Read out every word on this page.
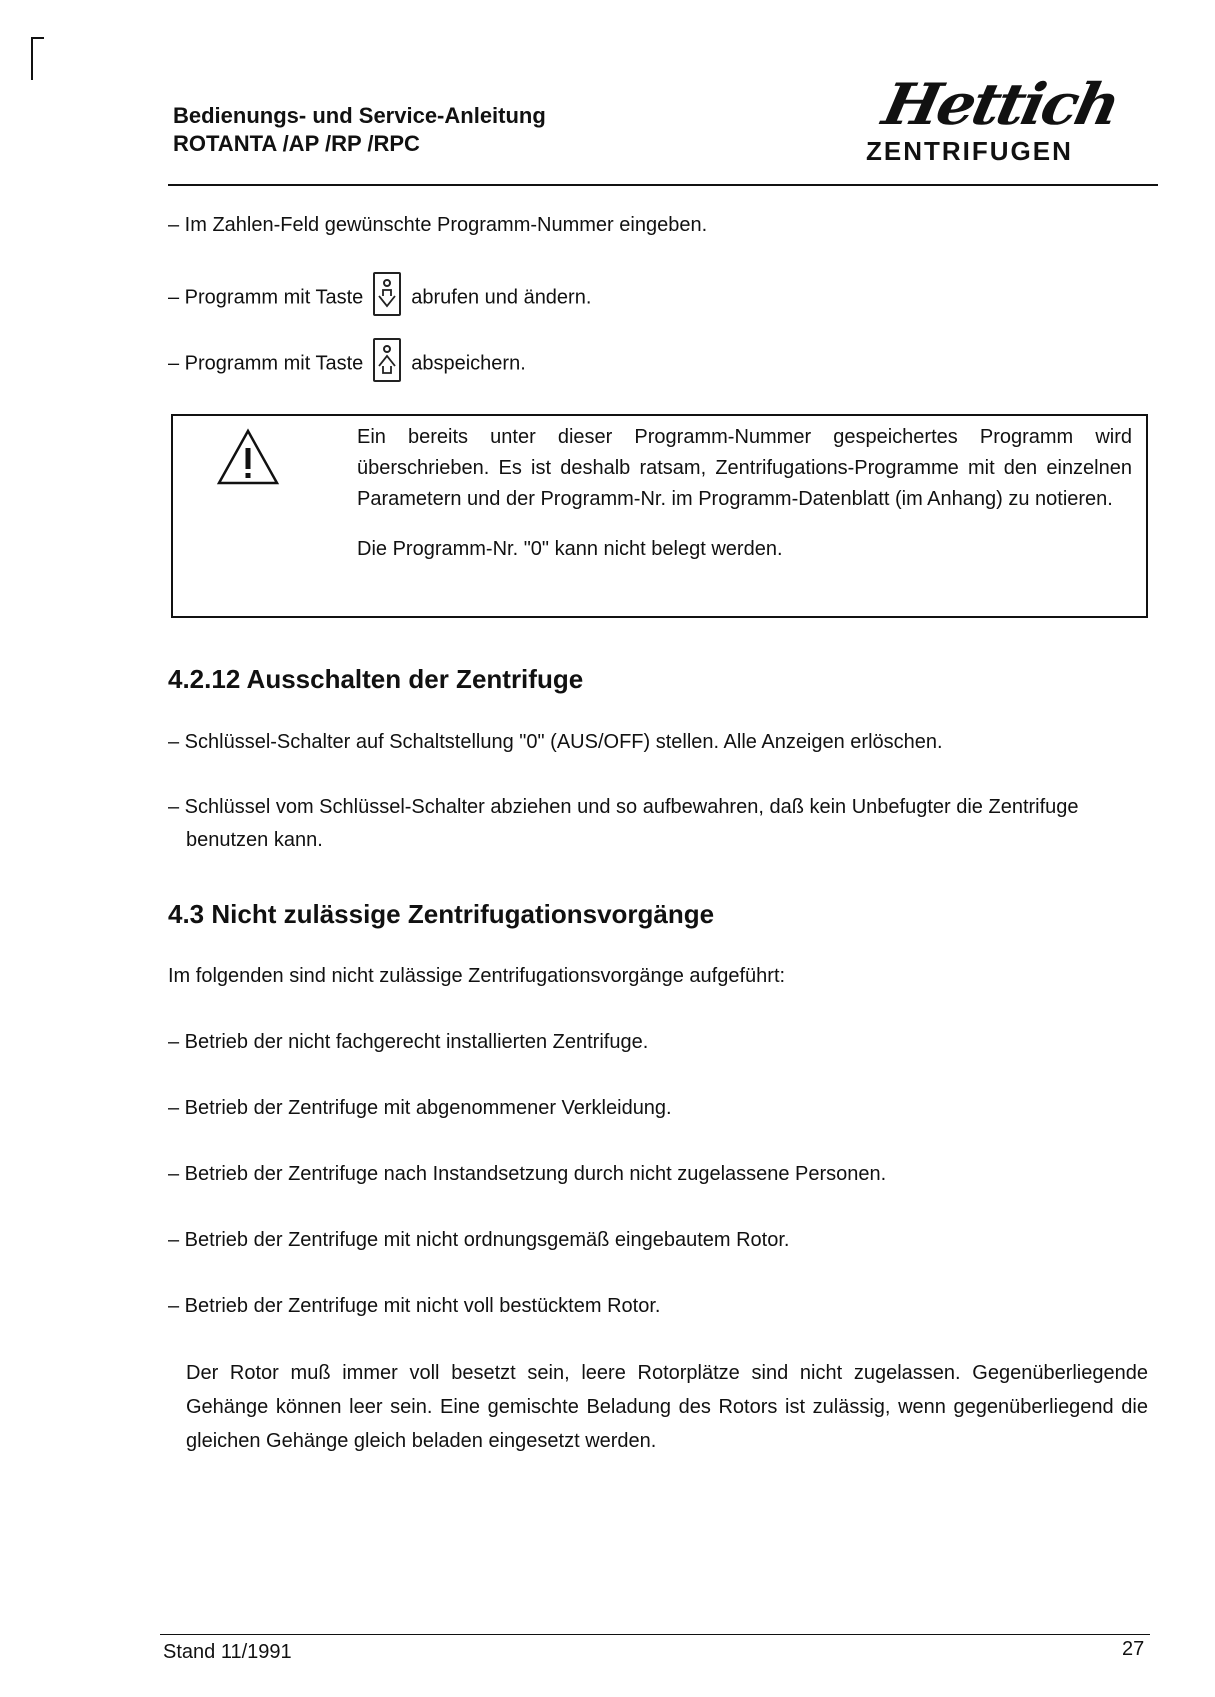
Bedienungs- und Service-Anleitung
ROTANTA /AP /RP /RPC
Hettich
ZENTRIFUGEN
– Im Zahlen-Feld gewünschte Programm-Nummer eingeben.
– Programm mit Taste abrufen und ändern.
– Programm mit Taste abspeichern.
Ein bereits unter dieser Programm-Nummer gespeichertes Programm wird überschrieben. Es ist deshalb ratsam, Zentrifugations-Programme mit den einzelnen Parametern und der Programm-Nr. im Programm-Datenblatt (im Anhang) zu notieren.
Die Programm-Nr. "0" kann nicht belegt werden.
4.2.12 Ausschalten der Zentrifuge
– Schlüssel-Schalter auf Schaltstellung "0" (AUS/OFF) stellen. Alle Anzeigen erlöschen.
– Schlüssel vom Schlüssel-Schalter abziehen und so aufbewahren, daß kein Unbefugter die Zentrifuge
benutzen kann.
4.3 Nicht zulässige Zentrifugationsvorgänge
Im folgenden sind nicht zulässige Zentrifugationsvorgänge aufgeführt:
– Betrieb der nicht fachgerecht installierten Zentrifuge.
– Betrieb der Zentrifuge mit abgenommener Verkleidung.
– Betrieb der Zentrifuge nach Instandsetzung durch nicht zugelassene Personen.
– Betrieb der Zentrifuge mit nicht ordnungsgemäß eingebautem Rotor.
– Betrieb der Zentrifuge mit nicht voll bestücktem Rotor.
Der Rotor muß immer voll besetzt sein, leere Rotorplätze sind nicht zugelassen. Gegenüberliegende Gehänge können leer sein. Eine gemischte Beladung des Rotors ist zulässig, wenn gegenüberliegend die gleichen Gehänge gleich beladen eingesetzt werden.
Stand 11/1991	27
